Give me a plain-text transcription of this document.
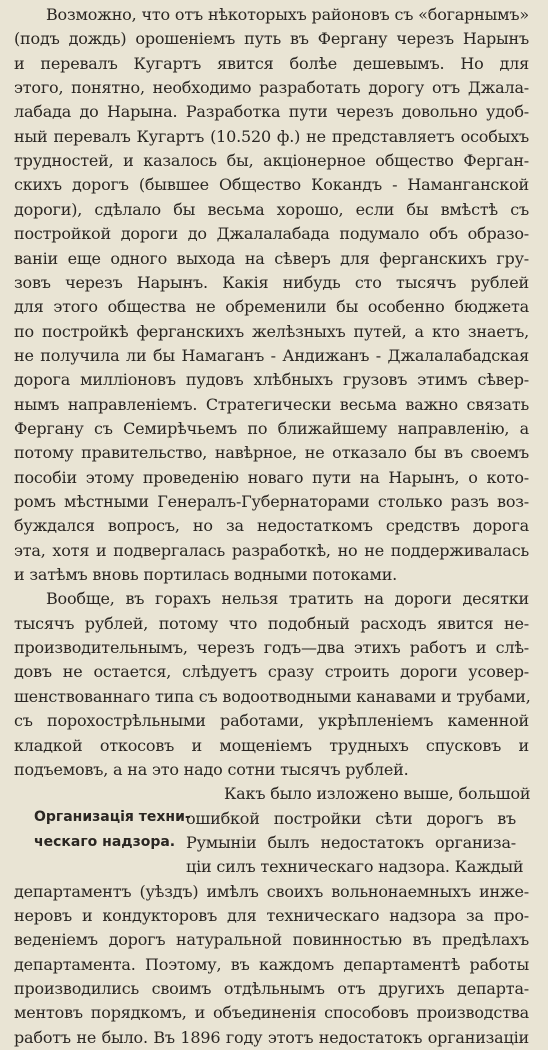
Возможно, что отъ нѣкоторыхъ районовъ съ «богарнымъ»
(подъ дождь) орошеніемъ путь въ Фергану черезъ Нарынъ
и перевалъ Кугартъ явится болѣе дешевымъ. Но для
этого, понятно, необходимо разработать дорогу отъ Джала-
лабада до Нарына. Разработка пути черезъ довольно удоб-
ный перевалъ Кугартъ (10.520 ф.) не представляетъ особыхъ
трудностей, и казалось бы, акціонерное общество Ферган-
скихъ дорогъ (бывшее Общество Кокандъ - Наманганской
дороги), сдѣлало бы весьма хорошо, если бы вмѣстѣ съ
постройкой дороги до Джалалабада подумало объ образо-
ваніи еще одного выхода на сѣверъ для ферганскихъ гру-
зовъ черезъ Нарынъ. Какія нибудь сто тысячъ рублей
для этого общества не обременили бы особенно бюджета
по постройкѣ ферганскихъ желѣзныхъ путей, а кто знаетъ,
не получила ли бы Намаганъ - Андижанъ - Джалалабадская
дорога милліоновъ пудовъ хлѣбныхъ грузовъ этимъ сѣвер-
нымъ направленіемъ. Стратегически весьма важно связать
Фергану съ Семирѣчьемъ по ближайшему направленію, а
потому правительство, навѣрное, не отказало бы въ своемъ
пособіи этому проведенію новаго пути на Нарынъ, о котo-
ромъ мѣстными Генералъ-Губернаторами столько разъ воз-
буждался вопросъ, но за недостаткомъ средствъ дорога
эта, хотя и подвергалась разработкѣ, но не поддерживалась
и затѣмъ вновь портилась водными потоками.
Вообще, въ горахъ нельзя тратить на дороги десятки
тысячъ рублей, потому что подобный расходъ явится не-
производительнымъ, черезъ годъ—два этихъ работъ и слѣ-
довъ не остается, слѣдуетъ сразу строить дороги усовер-
шенствованнаго типа съ водоотводными канавами и трубами,
съ порохострѣльными работами, укрѣпленіемъ каменной
кладкой откосовъ и мощеніемъ трудныхъ спусковъ и
подъемовъ, а на это надо сотни тысячъ рублей.
Какъ было изложено выше, большой
ошибкой постройки сѣти дорогъ въ
Румыніи былъ недостатокъ организа-
ціи силъ техническаго надзора. Каждый
Организація техни-
ческаго надзора.
департаментъ (уѣздъ) имѣлъ своихъ вольнонаемныхъ инже-
неровъ и кондукторовъ для техническаго надзора за про-
веденіемъ дорогъ натуральной повинностью въ предѣлахъ
департамента. Поэтому, въ каждомъ департаментѣ работы
производились своимъ отдѣльнымъ отъ другихъ департа-
ментовъ порядкомъ, и объединенія способовъ производства
работъ не было. Въ 1896 году этотъ недостатокъ организаціи
